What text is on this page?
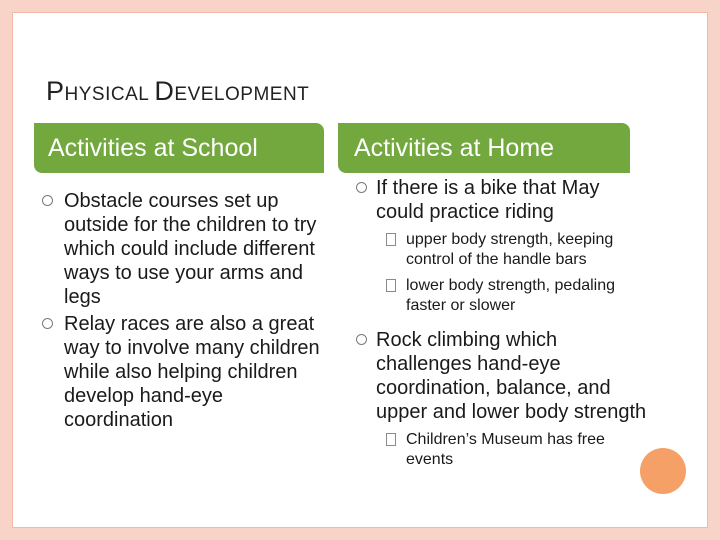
PHYSICAL DEVELOPMENT
Activities at School	Activities at Home
Obstacle courses set up outside for the children to try which could include different ways to use your arms and legs
Relay races are also a great way to involve many children while also helping children develop hand-eye coordination
If there is a bike that May could practice riding
upper body strength, keeping control of the handle bars
lower body strength, pedaling faster or slower
Rock climbing which challenges hand-eye coordination, balance, and upper and lower body strength
Children’s Museum has free events
